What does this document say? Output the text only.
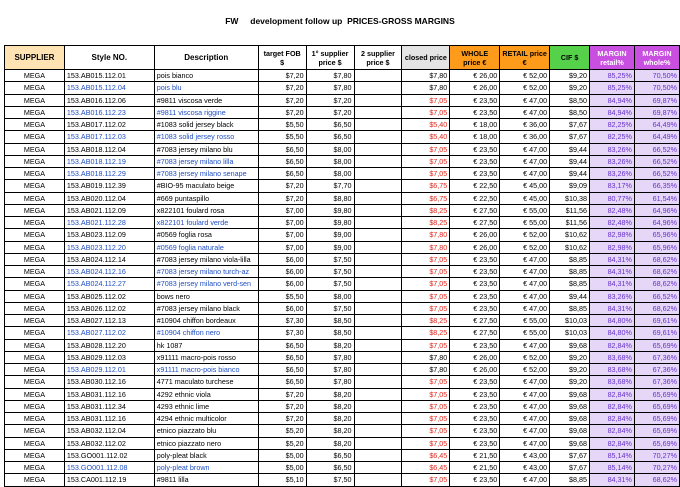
FW     development follow up  PRICES-GROSS MARGINS
SUPPLIER	Style NO.	Description	target FOB $	1° supplier price $	2 supplier price $	closed price	WHOLE price €	RETAIL price €	CIF $	MARGIN retail%	MARGIN whole%
MEGA	153.AB015.112.01	pois bianco	$7,20	$7,80		$7,80	€ 26,00	€ 52,00	$9,20	85,25%	70,50%
MEGA	153.AB015.112.04	pois blu	$7,20	$7,80		$7,80	€ 26,00	€ 52,00	$9,20	85,25%	70,50%
MEGA	153.AB016.112.06	#9811 viscosa verde	$7,20	$7,20		$7,05	€ 23,50	€ 47,00	$8,50	84,94%	69,87%
MEGA	153.AB016.112.23	#9811 viscosa riggine	$7,20	$7,20		$7,05	€ 23,50	€ 47,00	$8,50	84,94%	69,87%
MEGA	153.AB017.112.02	#1083 solid jersey black	$5,50	$6,50		$5,40	€ 18,00	€ 36,00	$7,67	82,25%	64,49%
MEGA	153.AB017.112.03	#1083 solid jersey rosso	$5,50	$6,50		$5,40	€ 18,00	€ 36,00	$7,67	82,25%	64,49%
MEGA	153.AB018.112.04	#7083 jersey milano blu	$6,50	$8,00		$7,05	€ 23,50	€ 47,00	$9,44	83,26%	66,52%
MEGA	153.AB018.112.19	#7083 jersey milano lilla	$6,50	$8,00		$7,05	€ 23,50	€ 47,00	$9,44	83,26%	66,52%
MEGA	153.AB018.112.29	#7083 jersey milano senape	$6,50	$8,00		$7,05	€ 23,50	€ 47,00	$9,44	83,26%	66,52%
MEGA	153.AB019.112.39	#BIO-95 maculato beige	$7,20	$7,70		$6,75	€ 22,50	€ 45,00	$9,09	83,17%	66,35%
MEGA	153.AB020.112.04	#669 puntaspillo	$7,20	$8,80		$6,75	€ 22,50	€ 45,00	$10,38	80,77%	61,54%
MEGA	153.AB021.112.09	x822101 foulard rosa	$7,00	$9,80		$8,25	€ 27,50	€ 55,00	$11,56	82,48%	64,96%
MEGA	153.AB021.112.28	x822101 foulard verde	$7,00	$9,80		$8,25	€ 27,50	€ 55,00	$11,56	82,48%	64,96%
MEGA	153.AB023.112.09	#0569 foglia rosa	$7,00	$9,00		$7,80	€ 26,00	€ 52,00	$10,62	82,98%	65,96%
MEGA	153.AB023.112.20	#0569 foglia naturale	$7,00	$9,00		$7,80	€ 26,00	€ 52,00	$10,62	82,98%	65,96%
MEGA	153.AB024.112.14	#7083 jersey milano viola-lilla	$6,00	$7,50		$7,05	€ 23,50	€ 47,00	$8,85	84,31%	68,62%
MEGA	153.AB024.112.16	#7083 jersey milano turch-az	$6,00	$7,50		$7,05	€ 23,50	€ 47,00	$8,85	84,31%	68,62%
MEGA	153.AB024.112.27	#7083 jersey milano verd-sen	$6,00	$7,50		$7,05	€ 23,50	€ 47,00	$8,85	84,31%	68,62%
MEGA	153.AB025.112.02	bows nero	$5,50	$8,00		$7,05	€ 23,50	€ 47,00	$9,44	83,26%	66,52%
MEGA	153.AB026.112.02	#7083 jersey milano black	$6,00	$7,50		$7,05	€ 23,50	€ 47,00	$8,85	84,31%	68,62%
MEGA	153.AB027.112.13	#10904 chiffon bordeaux	$7,30	$8,50		$8,25	€ 27,50	€ 55,00	$10,03	84,80%	69,61%
MEGA	153.AB027.112.02	#10904 chiffon nero	$7,30	$8,50		$8,25	€ 27,50	€ 55,00	$10,03	84,80%	69,61%
MEGA	153.AB028.112.20	hk 1087	$6,50	$8,20		$7,05	€ 23,50	€ 47,00	$9,68	82,84%	65,69%
MEGA	153.AB029.112.03	x91111 macro-pois rosso	$6,50	$7,80		$7,80	€ 26,00	€ 52,00	$9,20	83,68%	67,36%
MEGA	153.AB029.112.01	x91111 macro-pois bianco	$6,50	$7,80		$7,80	€ 26,00	€ 52,00	$9,20	83,68%	67,36%
MEGA	153.AB030.112.16	4771 maculato turchese	$6,50	$7,80		$7,05	€ 23,50	€ 47,00	$9,20	83,68%	67,36%
MEGA	153.AB031.112.16	4292 ethnic viola	$7,20	$8,20		$7,05	€ 23,50	€ 47,00	$9,68	82,84%	65,69%
MEGA	153.AB031.112.34	4293 ethnic lime	$7,20	$8,20		$7,05	€ 23,50	€ 47,00	$9,68	82,84%	65,69%
MEGA	153.AB031.112.16	4294 ethnic multicolor	$7,20	$8,20		$7,05	€ 23,50	€ 47,00	$9,68	82,84%	65,69%
MEGA	153.AB032.112.04	etnico piazzato blu	$5,20	$8,20		$7,05	€ 23,50	€ 47,00	$9,68	82,84%	65,69%
MEGA	153.AB032.112.02	etnico piazzato nero	$5,20	$8,20		$7,05	€ 23,50	€ 47,00	$9,68	82,84%	65,69%
MEGA	153.GO001.112.02	poly-pleat black	$5,00	$6,50		$6,45	€ 21,50	€ 43,00	$7,67	85,14%	70,27%
MEGA	153.GO001.112.08	poly-pleat brown	$5,00	$6,50		$6,45	€ 21,50	€ 43,00	$7,67	85,14%	70,27%
MEGA	153.CA001.112.19	#9811 lilla	$5,10	$7,50		$7,05	€ 23,50	€ 47,00	$8,85	84,31%	68,62%
